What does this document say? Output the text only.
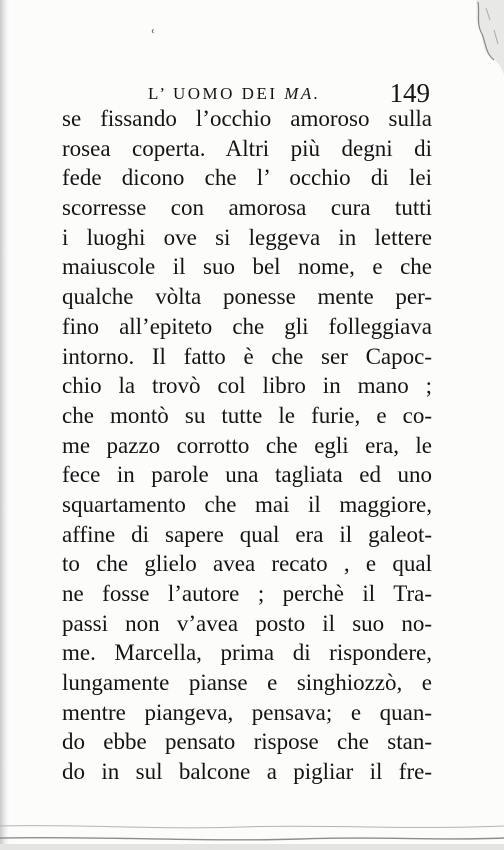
ʿ
L’ UOMO DEI MA.	149
se fissando l’occhio amoroso sulla
rosea coperta. Altri più degni di
fede dicono che l’ occhio di lei
scorresse con amorosa cura tutti
i luoghi ove si leggeva in lettere
maiuscole il suo bel nome, e che
qualche vòlta ponesse mente per-
fino all’epiteto che gli folleggiava
intorno. Il fatto è che ser Capoc-
chio la trovò col libro in mano ;
che montò su tutte le furie, e co-
me pazzo corrotto che egli era, le
fece in parole una tagliata ed uno
squartamento che mai il maggiore,
affine di sapere qual era il galeot-
to che glielo avea recato , e qual
ne fosse l’autore ; perchè il Tra-
passi non v’avea posto il suo no-
me. Marcella, prima di rispondere,
lungamente pianse e singhiozzò, e
mentre piangeva, pensava; e quan-
do ebbe pensato rispose che stan-
do in sul balcone a pigliar il fre-
